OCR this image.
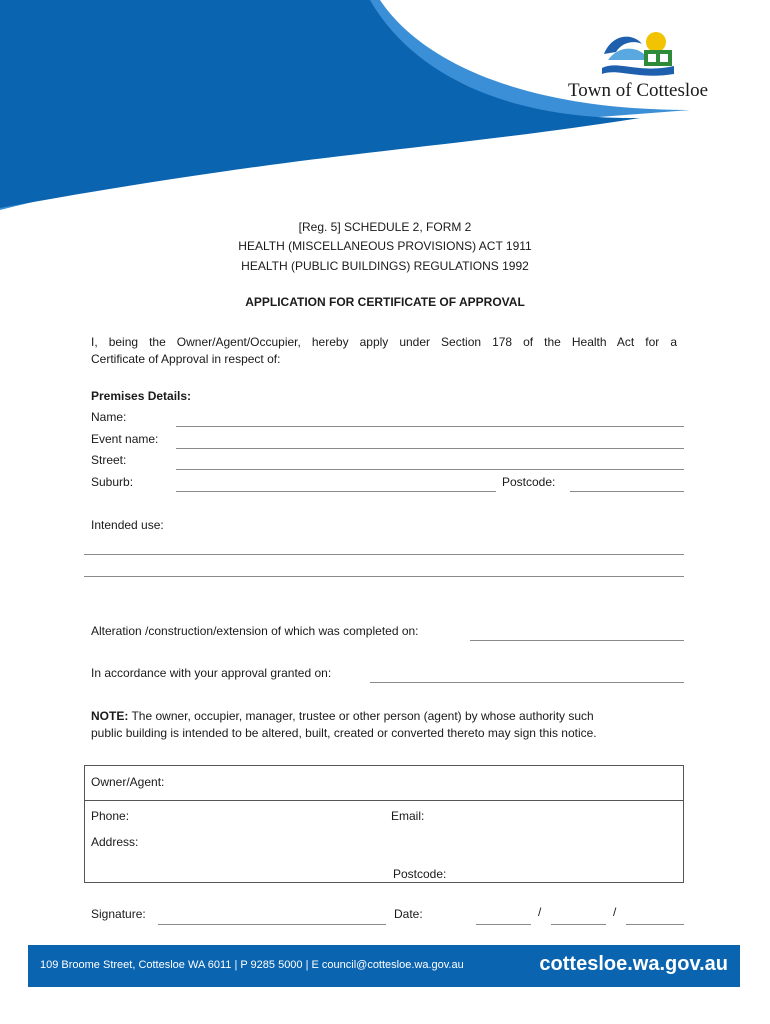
Town of Cottesloe
[Reg. 5] SCHEDULE 2, FORM 2
HEALTH (MISCELLANEOUS PROVISIONS) ACT 1911
HEALTH (PUBLIC BUILDINGS) REGULATIONS 1992
APPLICATION FOR CERTIFICATE OF APPROVAL
I, being the Owner/Agent/Occupier, hereby apply under Section 178 of the Health Act for a
Certificate of Approval in respect of:
Premises Details:
Name:
Event name:
Street:
Suburb:	Postcode:
Intended use:
Alteration /construction/extension of which was completed on:
In accordance with your approval granted on:
NOTE: The owner, occupier, manager, trustee or other person (agent) by whose authority such
public building is intended to be altered, built, created or converted thereto may sign this notice.
Owner/Agent:
Phone:	Email:
Address:
Postcode:
Signature:	Date:	/	/
109 Broome Street, Cottesloe WA 6011 | P 9285 5000 | E council@cottesloe.wa.gov.au	cottesloe.wa.gov.au
